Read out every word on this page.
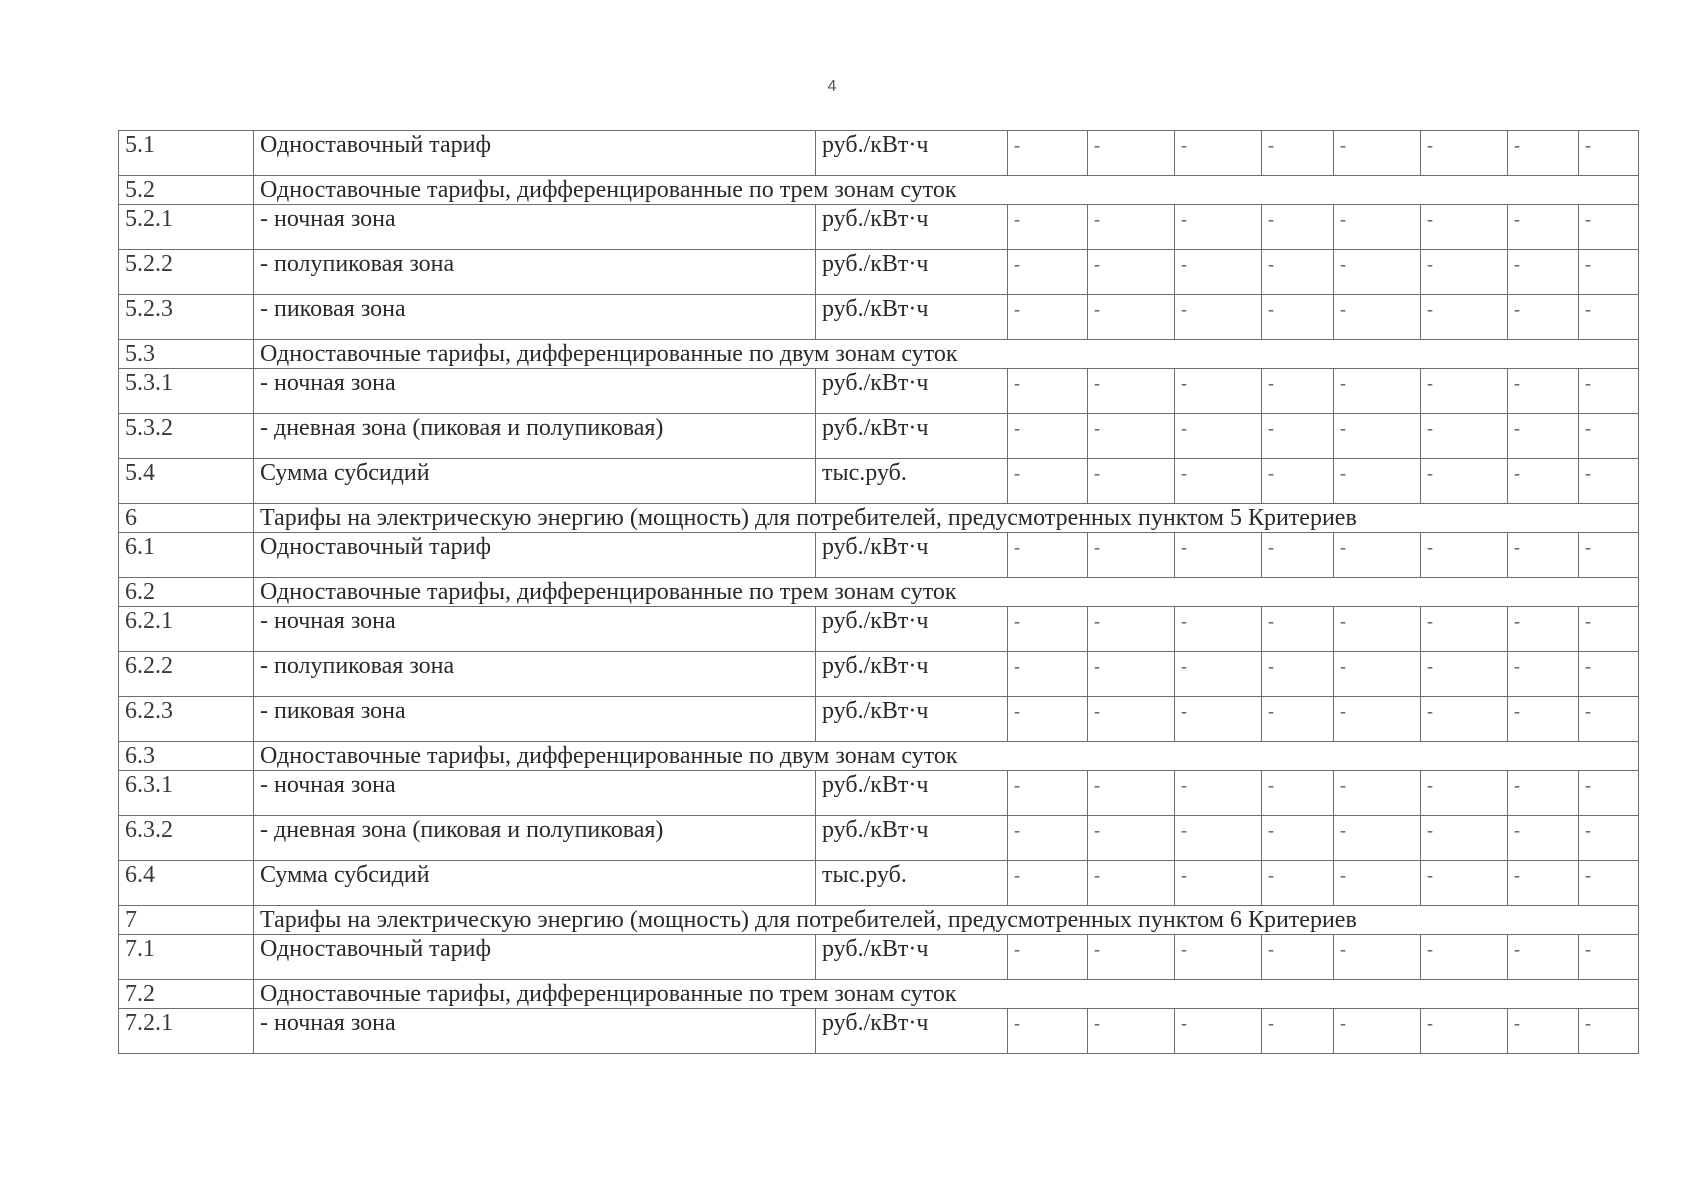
4
5.1	Одноставочный тариф	руб./кВт·ч	-	-	-	-	-	-	-	-
5.2	Одноставочные тарифы, дифференцированные по трем зонам суток									
5.2.1	- ночная зона	руб./кВт·ч	-	-	-	-	-	-	-	-
5.2.2	- полупиковая зона	руб./кВт·ч	-	-	-	-	-	-	-	-
5.2.3	- пиковая зона	руб./кВт·ч	-	-	-	-	-	-	-	-
5.3	Одноставочные тарифы, дифференцированные по двум зонам суток									
5.3.1	- ночная зона	руб./кВт·ч	-	-	-	-	-	-	-	-
5.3.2	- дневная зона (пиковая и полупиковая)	руб./кВт·ч	-	-	-	-	-	-	-	-
5.4	Сумма субсидий	тыс.руб.	-	-	-	-	-	-	-	-
6	Тарифы на электрическую энергию (мощность) для потребителей, предусмотренных пунктом 5 Критериев									
6.1	Одноставочный тариф	руб./кВт·ч	-	-	-	-	-	-	-	-
6.2	Одноставочные тарифы, дифференцированные по трем зонам суток									
6.2.1	- ночная зона	руб./кВт·ч	-	-	-	-	-	-	-	-
6.2.2	- полупиковая зона	руб./кВт·ч	-	-	-	-	-	-	-	-
6.2.3	- пиковая зона	руб./кВт·ч	-	-	-	-	-	-	-	-
6.3	Одноставочные тарифы, дифференцированные по двум зонам суток									
6.3.1	- ночная зона	руб./кВт·ч	-	-	-	-	-	-	-	-
6.3.2	- дневная зона (пиковая и полупиковая)	руб./кВт·ч	-	-	-	-	-	-	-	-
6.4	Сумма субсидий	тыс.руб.	-	-	-	-	-	-	-	-
7	Тарифы на электрическую энергию (мощность) для потребителей, предусмотренных пунктом 6 Критериев									
7.1	Одноставочный тариф	руб./кВт·ч	-	-	-	-	-	-	-	-
7.2	Одноставочные тарифы, дифференцированные по трем зонам суток									
7.2.1	- ночная зона	руб./кВт·ч	-	-	-	-	-	-	-	-
